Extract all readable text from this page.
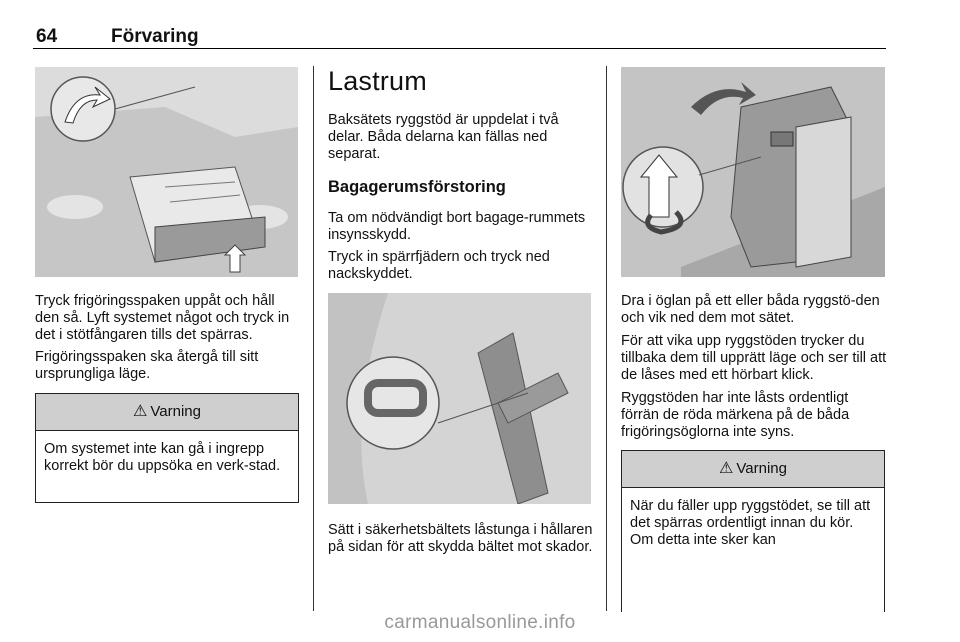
64	Förvaring

Tryck frigöringsspaken uppåt och håll den så. Lyft systemet något och tryck in det i stötfångaren tills det spärras.

Frigöringsspaken ska återgå till sitt ursprungliga läge.

⚠ Varning
Om systemet inte kan gå i ingrepp korrekt bör du uppsöka en verk-stad.
Lastrum

Baksätets ryggstöd är uppdelat i två delar. Båda delarna kan fällas ned separat.

Bagagerumsförstoring

Ta om nödvändigt bort bagage-rummets insynsskydd.

Tryck in spärrfjädern och tryck ned nackskyddet.

Sätt i säkerhetsbältets låstunga i hållaren på sidan för att skydda bältet mot skador.

Dra i öglan på ett eller båda ryggstö-den och vik ned dem mot sätet.

För att vika upp ryggstöden trycker du tillbaka dem till upprätt läge och ser till att de låses med ett hörbart klick.

Ryggstöden har inte låsts ordentligt förrän de röda märkena på de båda frigöringsöglorna inte syns.

⚠ Varning
När du fäller upp ryggstödet, se till att det spärras ordentligt innan du kör. Om detta inte sker kan
carmanualsonline.info
